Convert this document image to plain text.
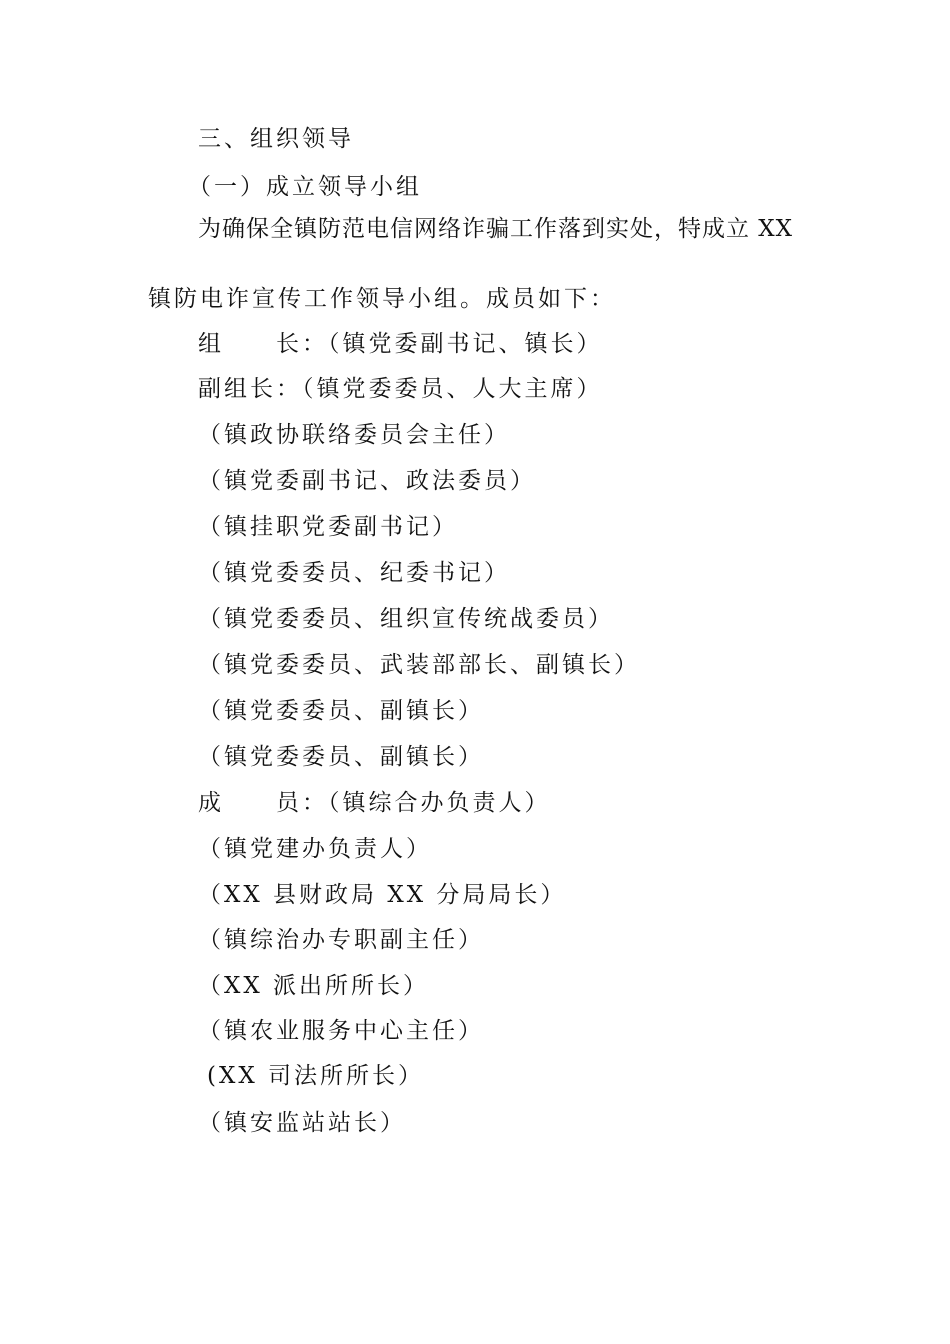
三、组织领导
（一）成立领导小组
为确保全镇防范电信网络诈骗工作落到实处，特成立 XX
镇防电诈宣传工作领导小组。成员如下：
组　　长：（镇党委副书记、镇长）
副组长：（镇党委委员、人大主席）
（镇政协联络委员会主任）
（镇党委副书记、政法委员）
（镇挂职党委副书记）
（镇党委委员、纪委书记）
（镇党委委员、组织宣传统战委员）
（镇党委委员、武装部部长、副镇长）
（镇党委委员、副镇长）
（镇党委委员、副镇长）
成　　员：（镇综合办负责人）
（镇党建办负责人）
（XX 县财政局 XX 分局局长）
（镇综治办专职副主任）
（XX 派出所所长）
（镇农业服务中心主任）
(XX 司法所所长）
（镇安监站站长）
